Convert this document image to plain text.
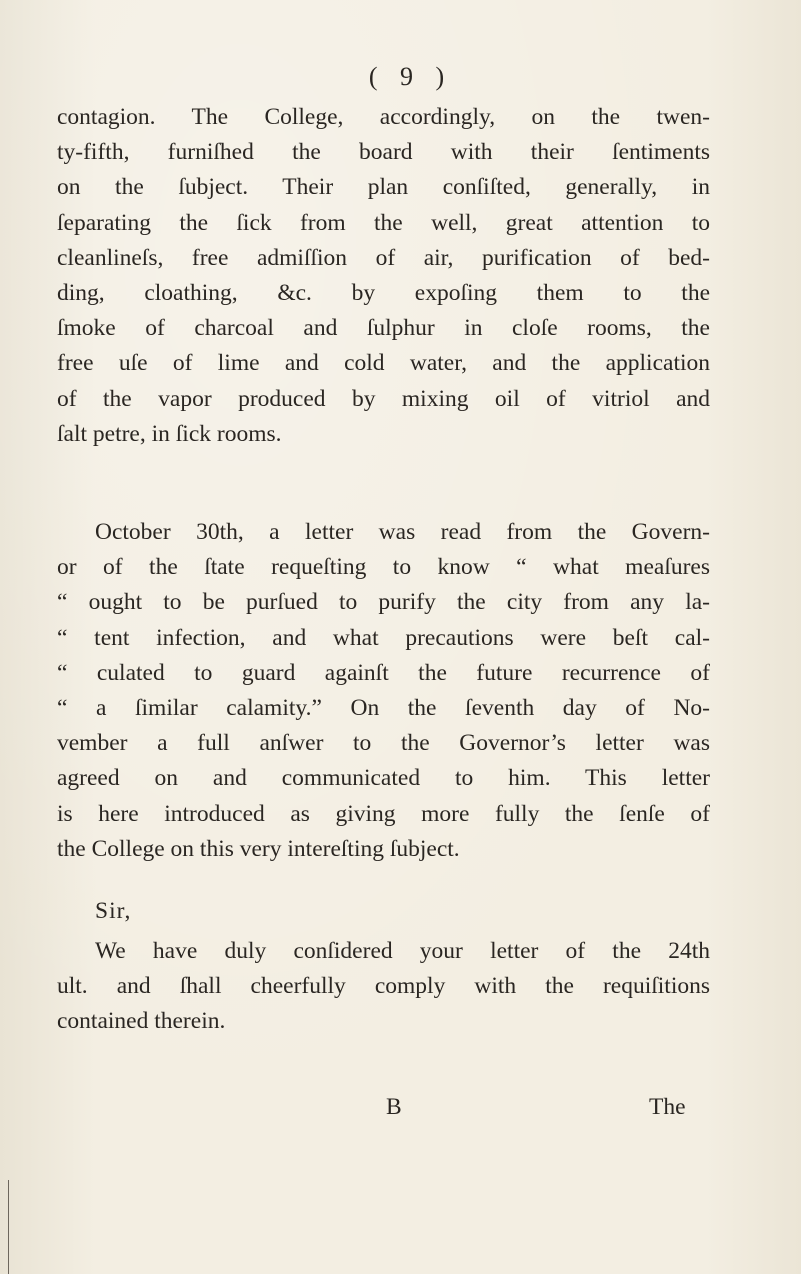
( 9 )
contagion. The College, accordingly, on the twen-
ty-fifth, furniſhed the board with their ſentiments
on the ſubject. Their plan conſiſted, generally, in
ſeparating the ſick from the well, great attention to
cleanlineſs, free admiſſion of air, purification of bed-
ding, cloathing, &c. by expoſing them to the
ſmoke of charcoal and ſulphur in cloſe rooms, the
free uſe of lime and cold water, and the application
of the vapor produced by mixing oil of vitriol and
ſalt petre, in ſick rooms.
October 30th, a letter was read from the Govern-
or of the ſtate requeſting to know “ what meaſures
“ ought to be purſued to purify the city from any la-
“ tent infection, and what precautions were beſt cal-
“ culated to guard againſt the future recurrence of
“ a ſimilar calamity.” On the ſeventh day of No-
vember a full anſwer to the Governor’s letter was
agreed on and communicated to him. This letter
is here introduced as giving more fully the ſenſe of
the College on this very intereſting ſubject.
Sir,
We have duly conſidered your letter of the 24th
ult. and ſhall cheerfully comply with the requiſitions
contained therein.
B	The
